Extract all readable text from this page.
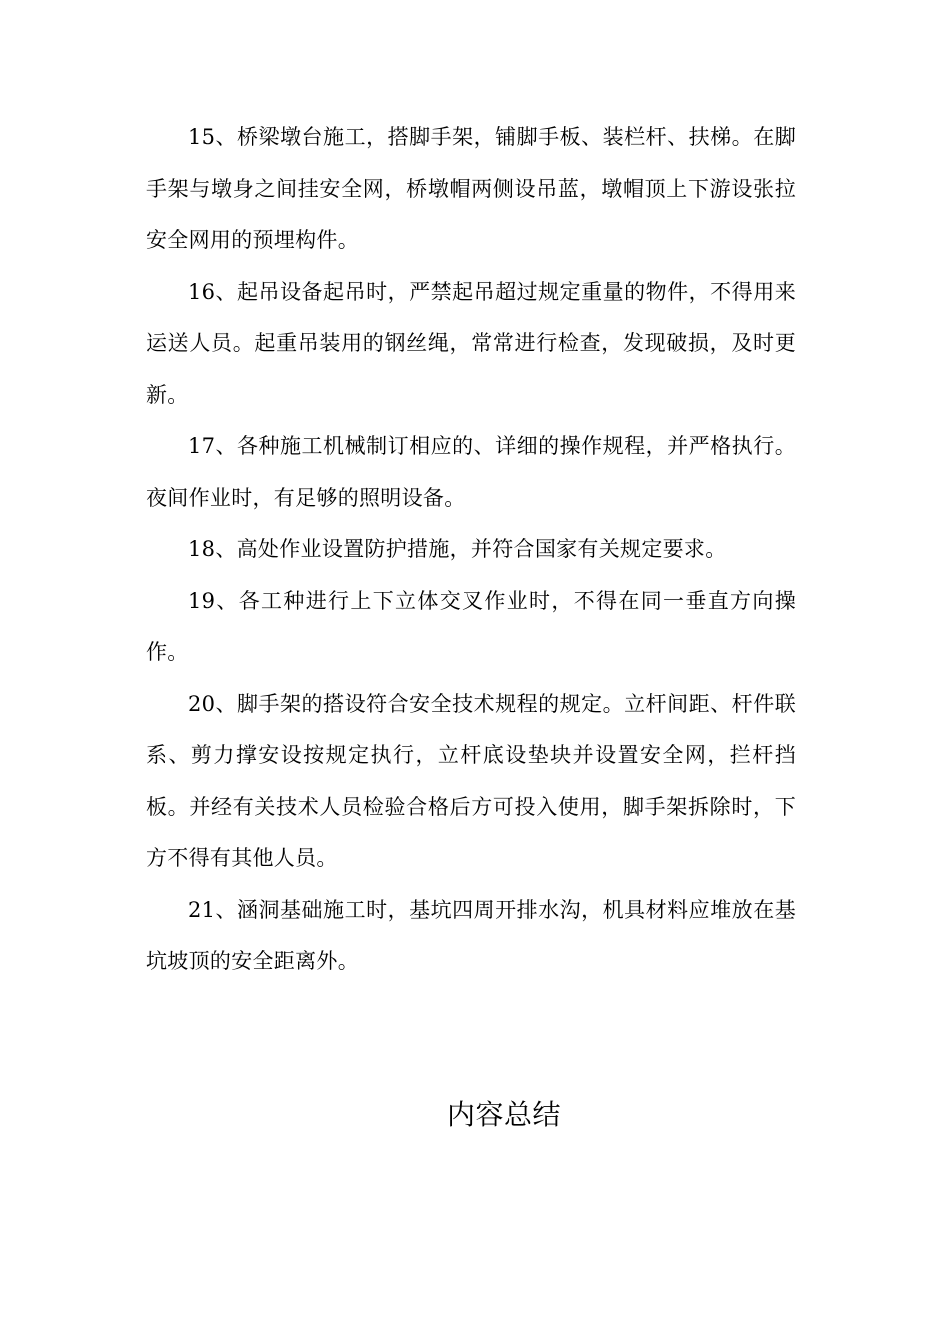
15、桥梁墩台施工，搭脚手架，铺脚手板、装栏杆、扶梯。在脚手架与墩身之间挂安全网，桥墩帽两侧设吊蓝，墩帽顶上下游设张拉安全网用的预埋构件。

16、起吊设备起吊时，严禁起吊超过规定重量的物件，不得用来运送人员。起重吊装用的钢丝绳，常常进行检查，发现破损，及时更新。

17、各种施工机械制订相应的、详细的操作规程，并严格执行。夜间作业时，有足够的照明设备。

18、高处作业设置防护措施，并符合国家有关规定要求。

19、各工种进行上下立体交叉作业时，不得在同一垂直方向操作。

20、脚手架的搭设符合安全技术规程的规定。立杆间距、杆件联系、剪力撑安设按规定执行，立杆底设垫块并设置安全网，拦杆挡板。并经有关技术人员检验合格后方可投入使用，脚手架拆除时，下方不得有其他人员。

21、涵洞基础施工时，基坑四周开排水沟，机具材料应堆放在基坑坡顶的安全距离外。

内容总结
